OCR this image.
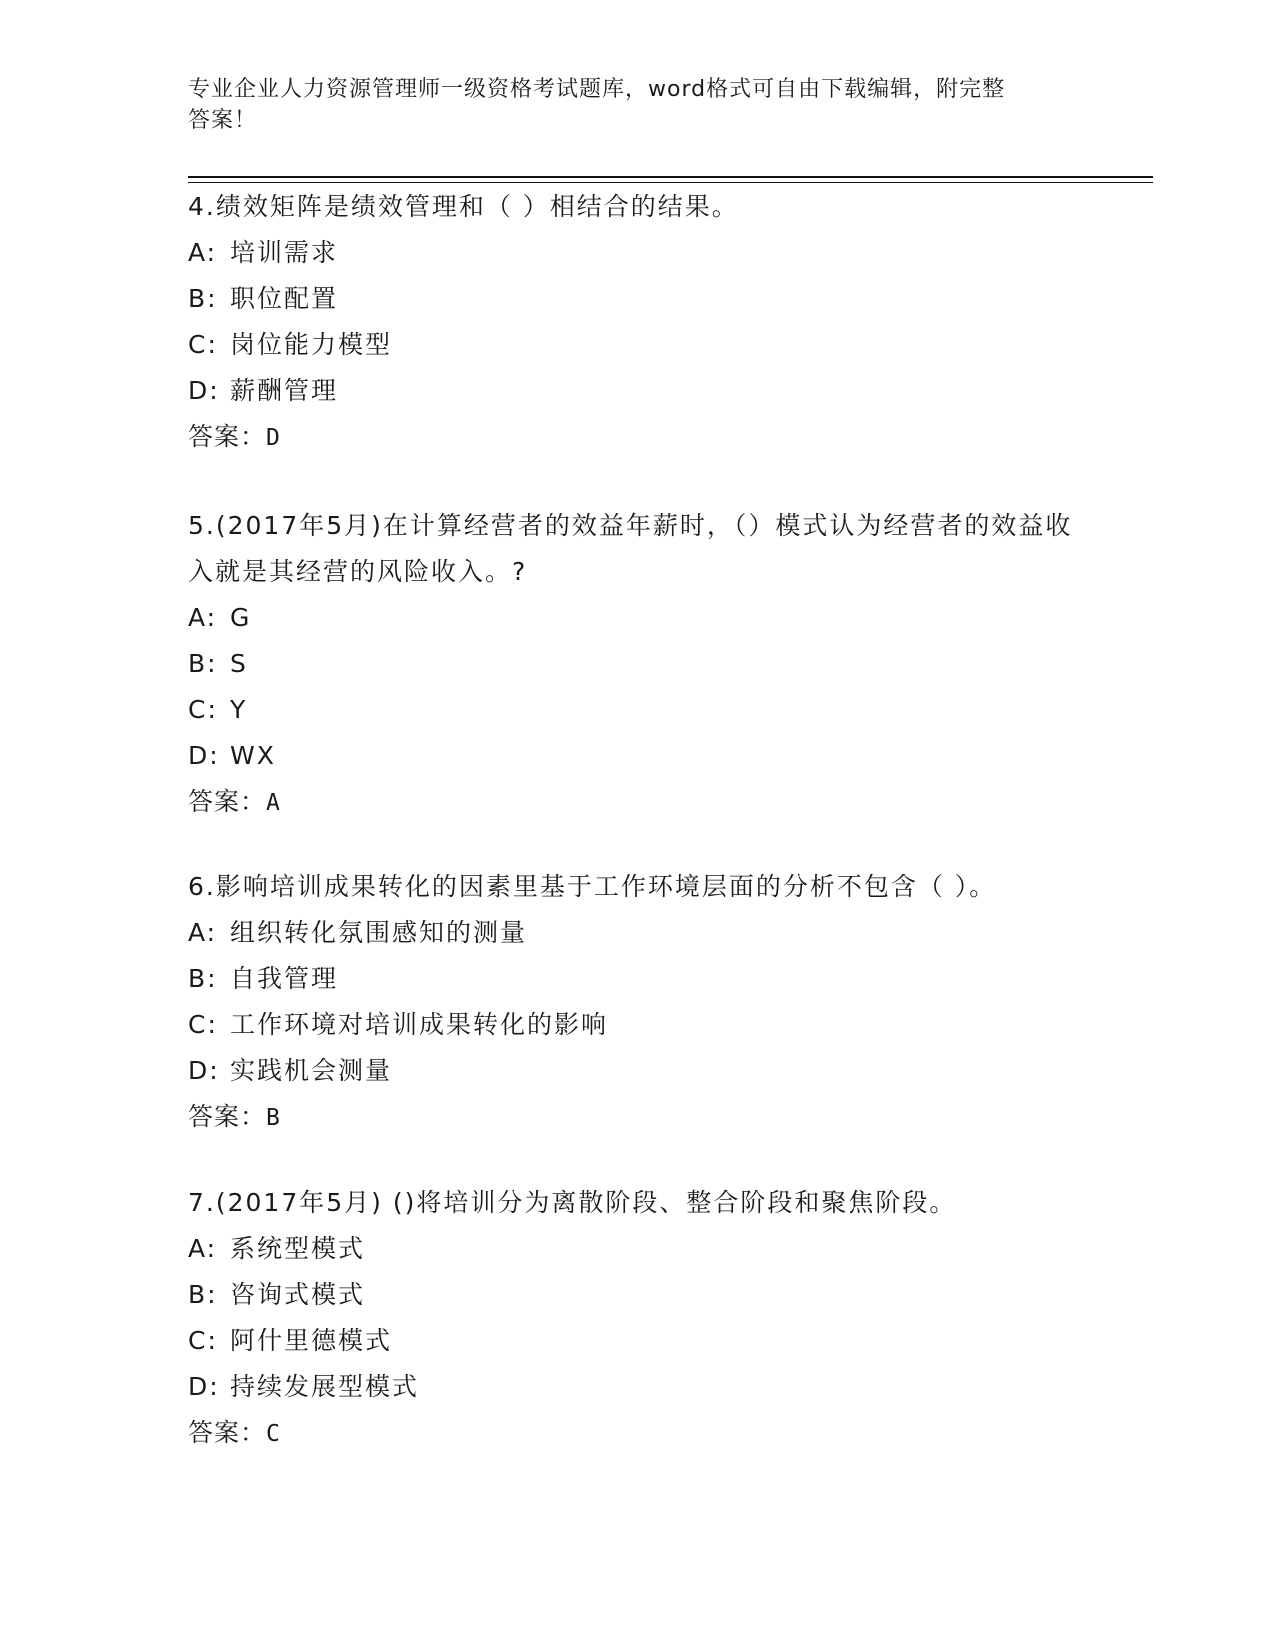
专业企业人力资源管理师一级资格考试题库，word格式可自由下载编辑，附完整
答案！

4.绩效矩阵是绩效管理和（ ）相结合的结果。

A: 培训需求

B: 职位配置

C: 岗位能力模型

D: 薪酬管理

答案：D

5.(2017年5月)在计算经营者的效益年薪时，（）模式认为经营者的效益收入就是其经营的风险收入。?

A: G

B: S

C: Y

D: WX

答案：A

6.影响培训成果转化的因素里基于工作环境层面的分析不包含（ ）。

A: 组织转化氛围感知的测量

B: 自我管理

C: 工作环境对培训成果转化的影响

D: 实践机会测量

答案：B

7.(2017年5月) ()将培训分为离散阶段、整合阶段和聚焦阶段。

A: 系统型模式

B: 咨询式模式

C: 阿什里德模式

D: 持续发展型模式

答案：C
